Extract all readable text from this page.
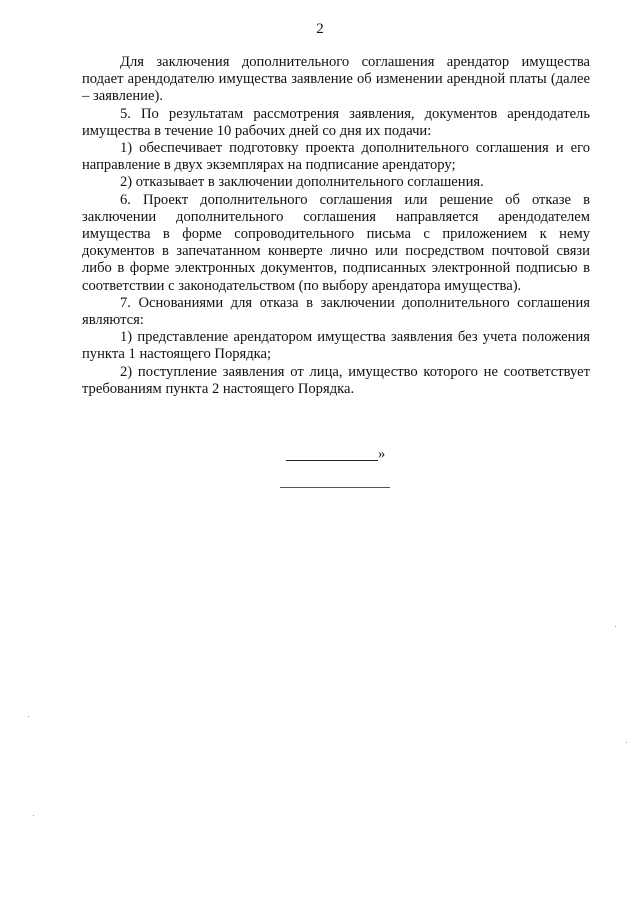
2

Для заключения дополнительного соглашения арендатор имущества подает арендодателю имущества заявление об изменении арендной платы (далее – заявление).

5. По результатам рассмотрения заявления, документов арендодатель имущества в течение 10 рабочих дней со дня их подачи:

1) обеспечивает подготовку проекта дополнительного соглашения и его направление в двух экземплярах на подписание арендатору;

2) отказывает в заключении дополнительного соглашения.

6. Проект дополнительного соглашения или решение об отказе в заключении дополнительного соглашения направляется арендодателем имущества в форме сопроводительного письма с приложением к нему документов в запечатанном конверте лично или посредством почтовой связи либо в форме электронных документов, подписанных электронной подписью в соответствии с законодательством (по выбору арендатора имущества).

7. Основаниями для отказа в заключении дополнительного соглашения являются:

1) представление арендатором имущества заявления без учета положения пункта 1 настоящего Порядка;

2) поступление заявления от лица, имущество которого не соответствует требованиям пункта 2 настоящего Порядка.

»
